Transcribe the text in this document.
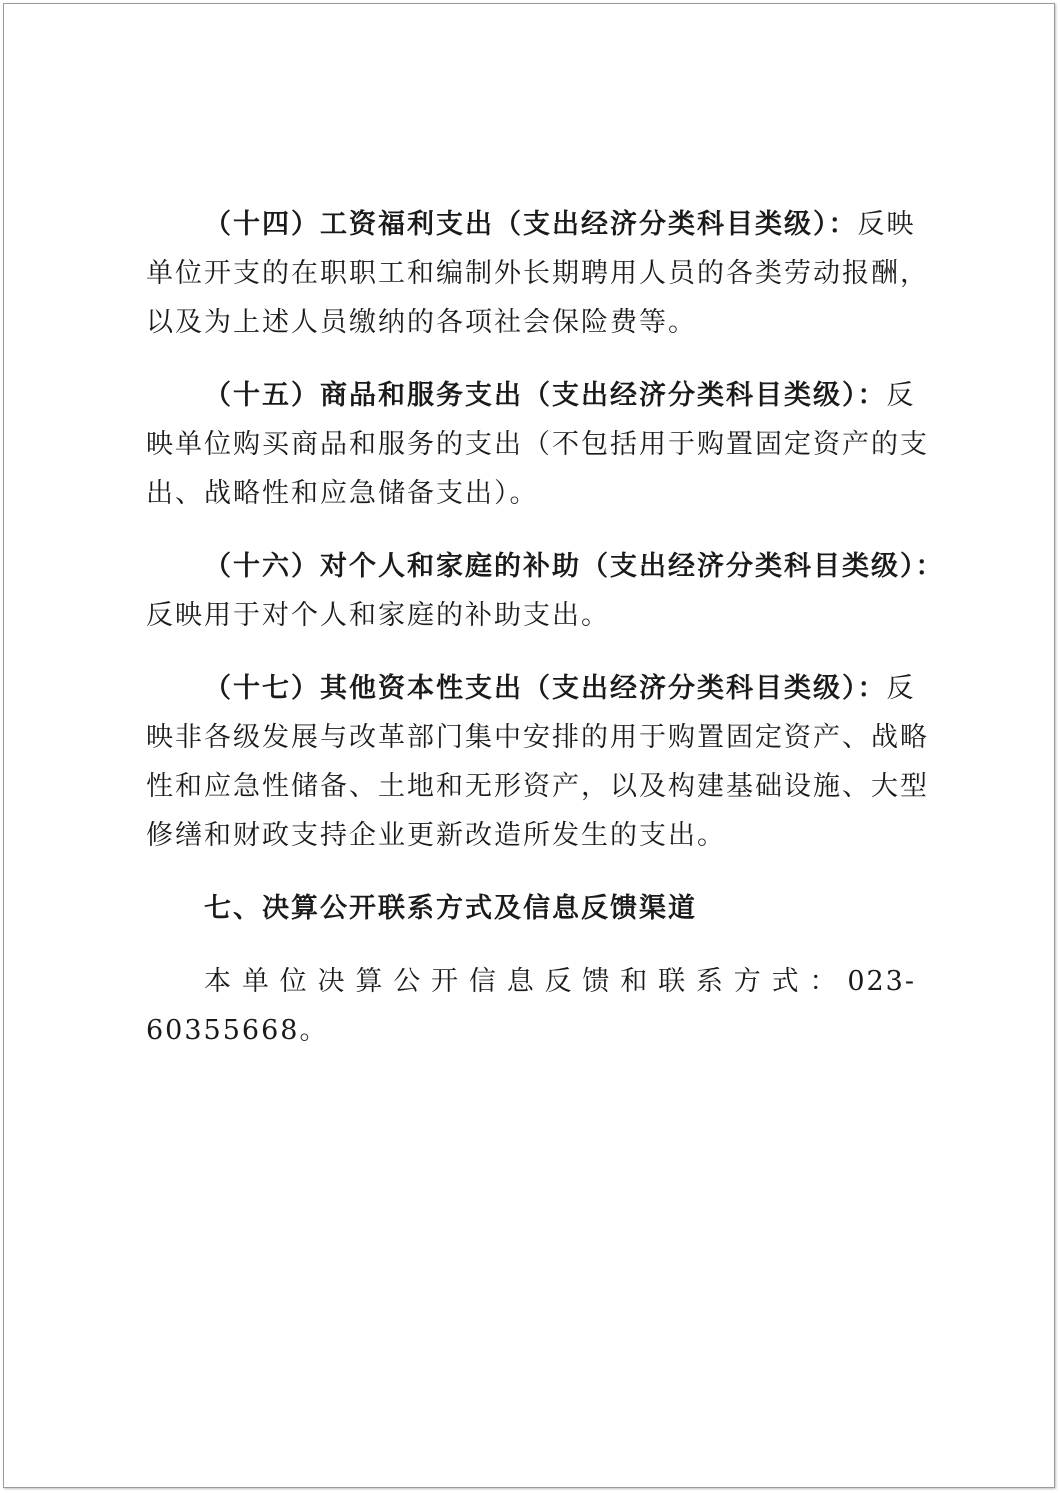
（十四）工资福利支出（支出经济分类科目类级）：反映
单位开支的在职职工和编制外长期聘用人员的各类劳动报酬，
以及为上述人员缴纳的各项社会保险费等。
（十五）商品和服务支出（支出经济分类科目类级）：反
映单位购买商品和服务的支出（不包括用于购置固定资产的支
出、战略性和应急储备支出）。
（十六）对个人和家庭的补助（支出经济分类科目类级）：
反映用于对个人和家庭的补助支出。
（十七）其他资本性支出（支出经济分类科目类级）：反
映非各级发展与改革部门集中安排的用于购置固定资产、战略
性和应急性储备、土地和无形资产，以及构建基础设施、大型
修缮和财政支持企业更新改造所发生的支出。
七、决算公开联系方式及信息反馈渠道
本单位决算公开信息反馈和联系方式：023-60355668。
